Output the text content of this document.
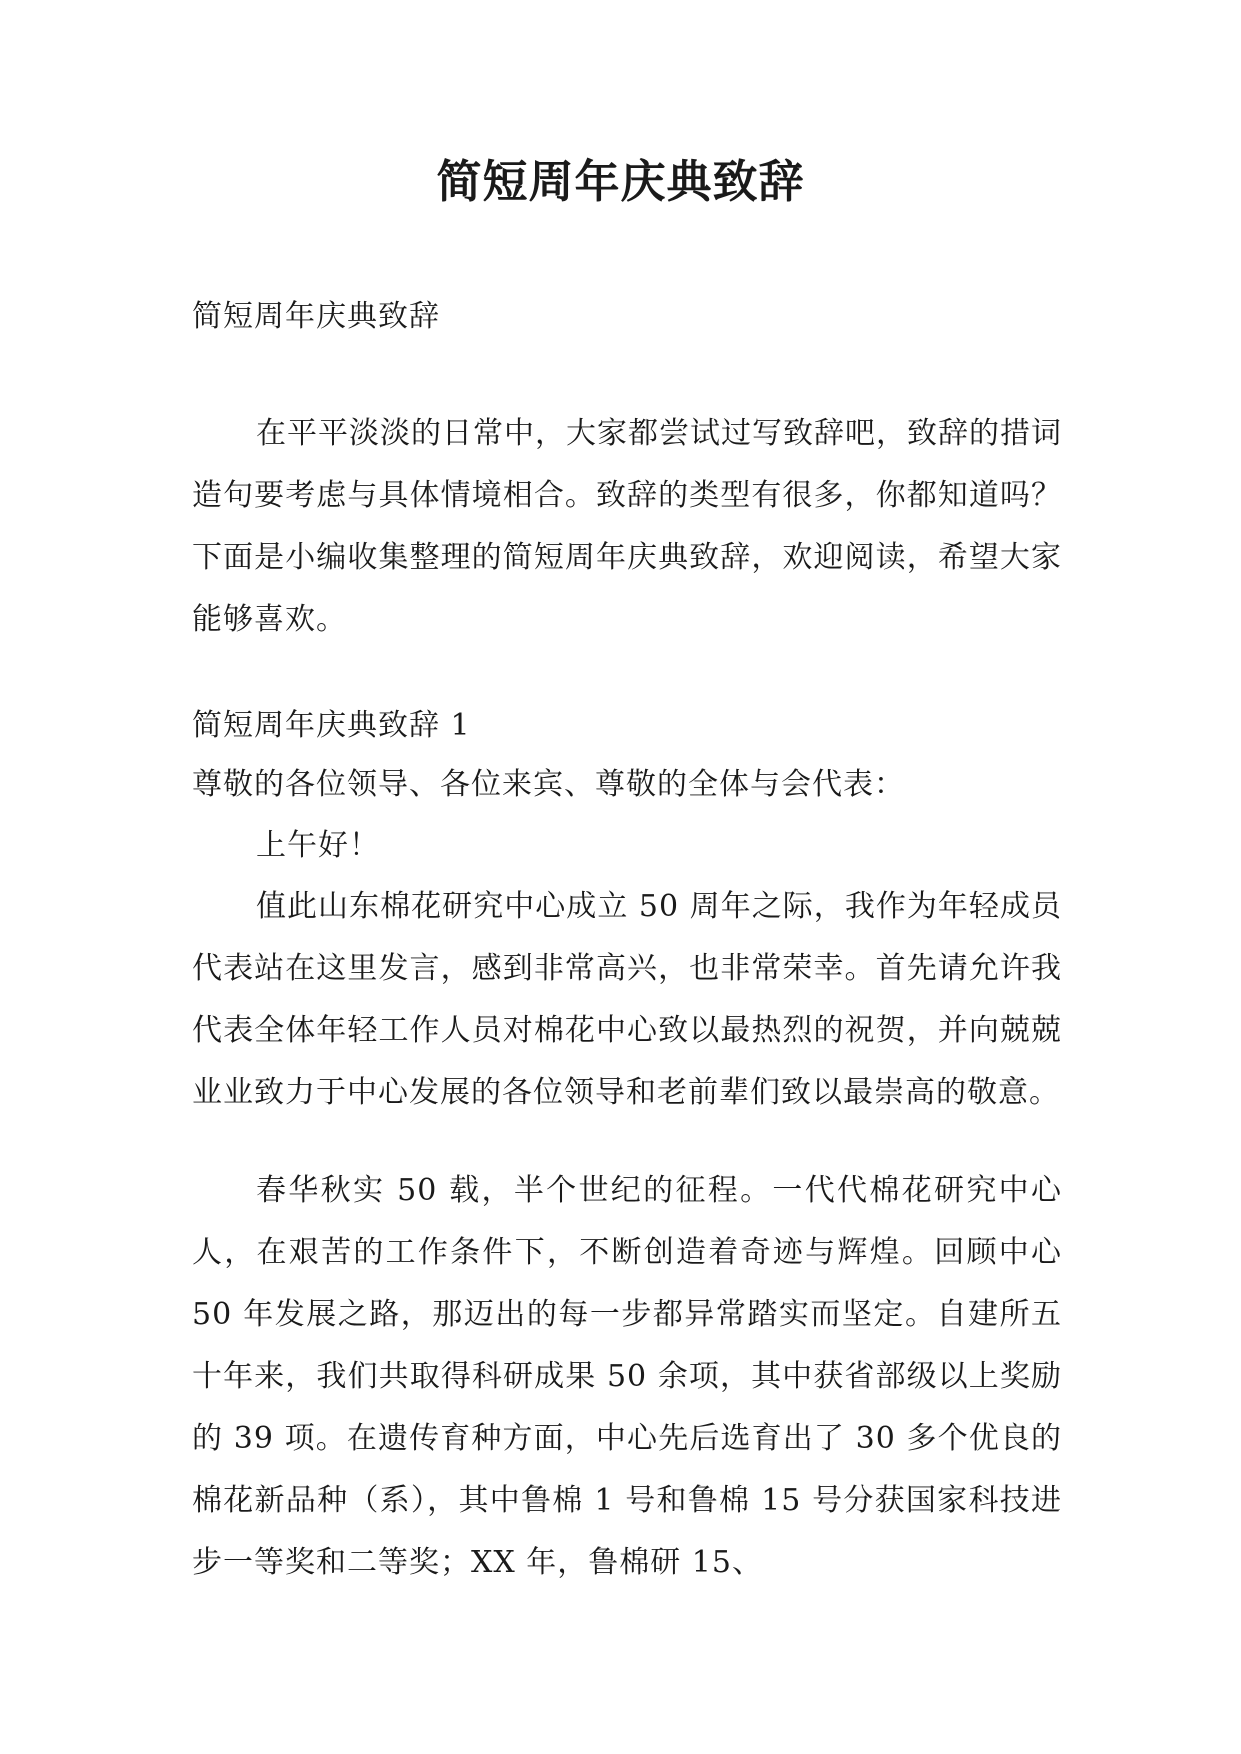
简短周年庆典致辞

简短周年庆典致辞

在平平淡淡的日常中，大家都尝试过写致辞吧，致辞的措词造句要考虑与具体情境相合。致辞的类型有很多，你都知道吗？下面是小编收集整理的简短周年庆典致辞，欢迎阅读，希望大家能够喜欢。

简短周年庆典致辞 1

尊敬的各位领导、各位来宾、尊敬的全体与会代表：

上午好！

值此山东棉花研究中心成立 50 周年之际，我作为年轻成员代表站在这里发言，感到非常高兴，也非常荣幸。首先请允许我代表全体年轻工作人员对棉花中心致以最热烈的祝贺，并向兢兢业业致力于中心发展的各位领导和老前辈们致以最崇高的敬意。

春华秋实 50 载，半个世纪的征程。一代代棉花研究中心人，在艰苦的工作条件下，不断创造着奇迹与辉煌。回顾中心 50 年发展之路，那迈出的每一步都异常踏实而坚定。自建所五十年来，我们共取得科研成果 50 余项，其中获省部级以上奖励的 39 项。在遗传育种方面，中心先后选育出了 30 多个优良的棉花新品种（系），其中鲁棉 1 号和鲁棉 15 号分获国家科技进步一等奖和二等奖；XX 年，鲁棉研 15、
